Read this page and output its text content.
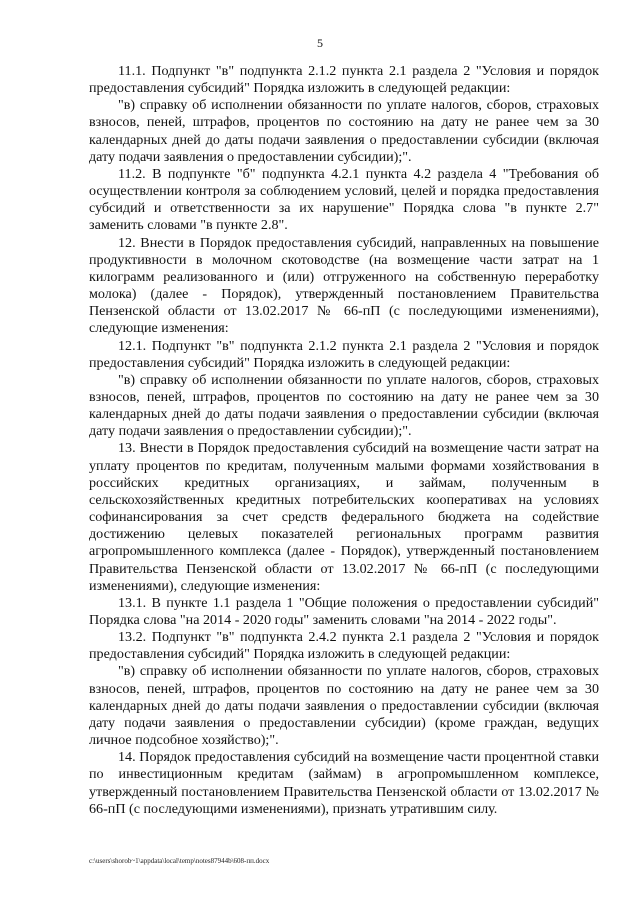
5

11.1. Подпункт "в" подпункта 2.1.2 пункта 2.1 раздела 2 "Условия и порядок предоставления субсидий" Порядка изложить в следующей редакции:

"в) справку об исполнении обязанности по уплате налогов, сборов, страховых взносов, пеней, штрафов, процентов по состоянию на дату не ранее чем за 30 календарных дней до даты подачи заявления о предоставлении субсидии (включая дату подачи заявления о предоставлении субсидии);".

11.2. В подпункте "б" подпункта 4.2.1 пункта 4.2 раздела 4 "Требования об осуществлении контроля за соблюдением условий, целей и порядка предоставления субсидий и ответственности за их нарушение" Порядка слова "в пункте 2.7" заменить словами "в пункте 2.8".

12. Внести в Порядок предоставления субсидий, направленных на повышение продуктивности в молочном скотоводстве (на возмещение части затрат на 1 килограмм реализованного и (или) отгруженного на собственную переработку молока) (далее - Порядок), утвержденный постановлением Правительства Пензенской области от 13.02.2017 № 66-пП (с последующими изменениями), следующие изменения:

12.1. Подпункт "в" подпункта 2.1.2 пункта 2.1 раздела 2 "Условия и порядок предоставления субсидий" Порядка изложить в следующей редакции:

"в) справку об исполнении обязанности по уплате налогов, сборов, страховых взносов, пеней, штрафов, процентов по состоянию на дату не ранее чем за 30 календарных дней до даты подачи заявления о предоставлении субсидии (включая дату подачи заявления о предоставлении субсидии);".

13. Внести в Порядок предоставления субсидий на возмещение части затрат на уплату процентов по кредитам, полученным малыми формами хозяйствования в российских кредитных организациях, и займам, полученным в сельскохозяйственных кредитных потребительских кооперативах на условиях софинансирования за счет средств федерального бюджета на содействие достижению целевых показателей региональных программ развития агропромышленного комплекса (далее - Порядок), утвержденный постановлением Правительства Пензенской области от 13.02.2017 № 66-пП (с последующими изменениями), следующие изменения:

13.1. В пункте 1.1 раздела 1 "Общие положения о предоставлении субсидий" Порядка слова "на 2014 - 2020 годы" заменить словами "на 2014 - 2022 годы".

13.2. Подпункт "в" подпункта 2.4.2 пункта 2.1 раздела 2 "Условия и порядок предоставления субсидий" Порядка изложить в следующей редакции:

"в) справку об исполнении обязанности по уплате налогов, сборов, страховых взносов, пеней, штрафов, процентов по состоянию на дату не ранее чем за 30 календарных дней до даты подачи заявления о предоставлении субсидии (включая дату подачи заявления о предоставлении субсидии) (кроме граждан, ведущих личное подсобное хозяйство);".

14. Порядок предоставления субсидий на возмещение части процентной ставки по инвестиционным кредитам (займам) в агропромышленном комплексе, утвержденный постановлением Правительства Пензенской области от 13.02.2017 № 66-пП (с последующими изменениями), признать утратившим силу.

c:\users\shorob~1\appdata\local\temp\notes87944b\608-пп.docx
